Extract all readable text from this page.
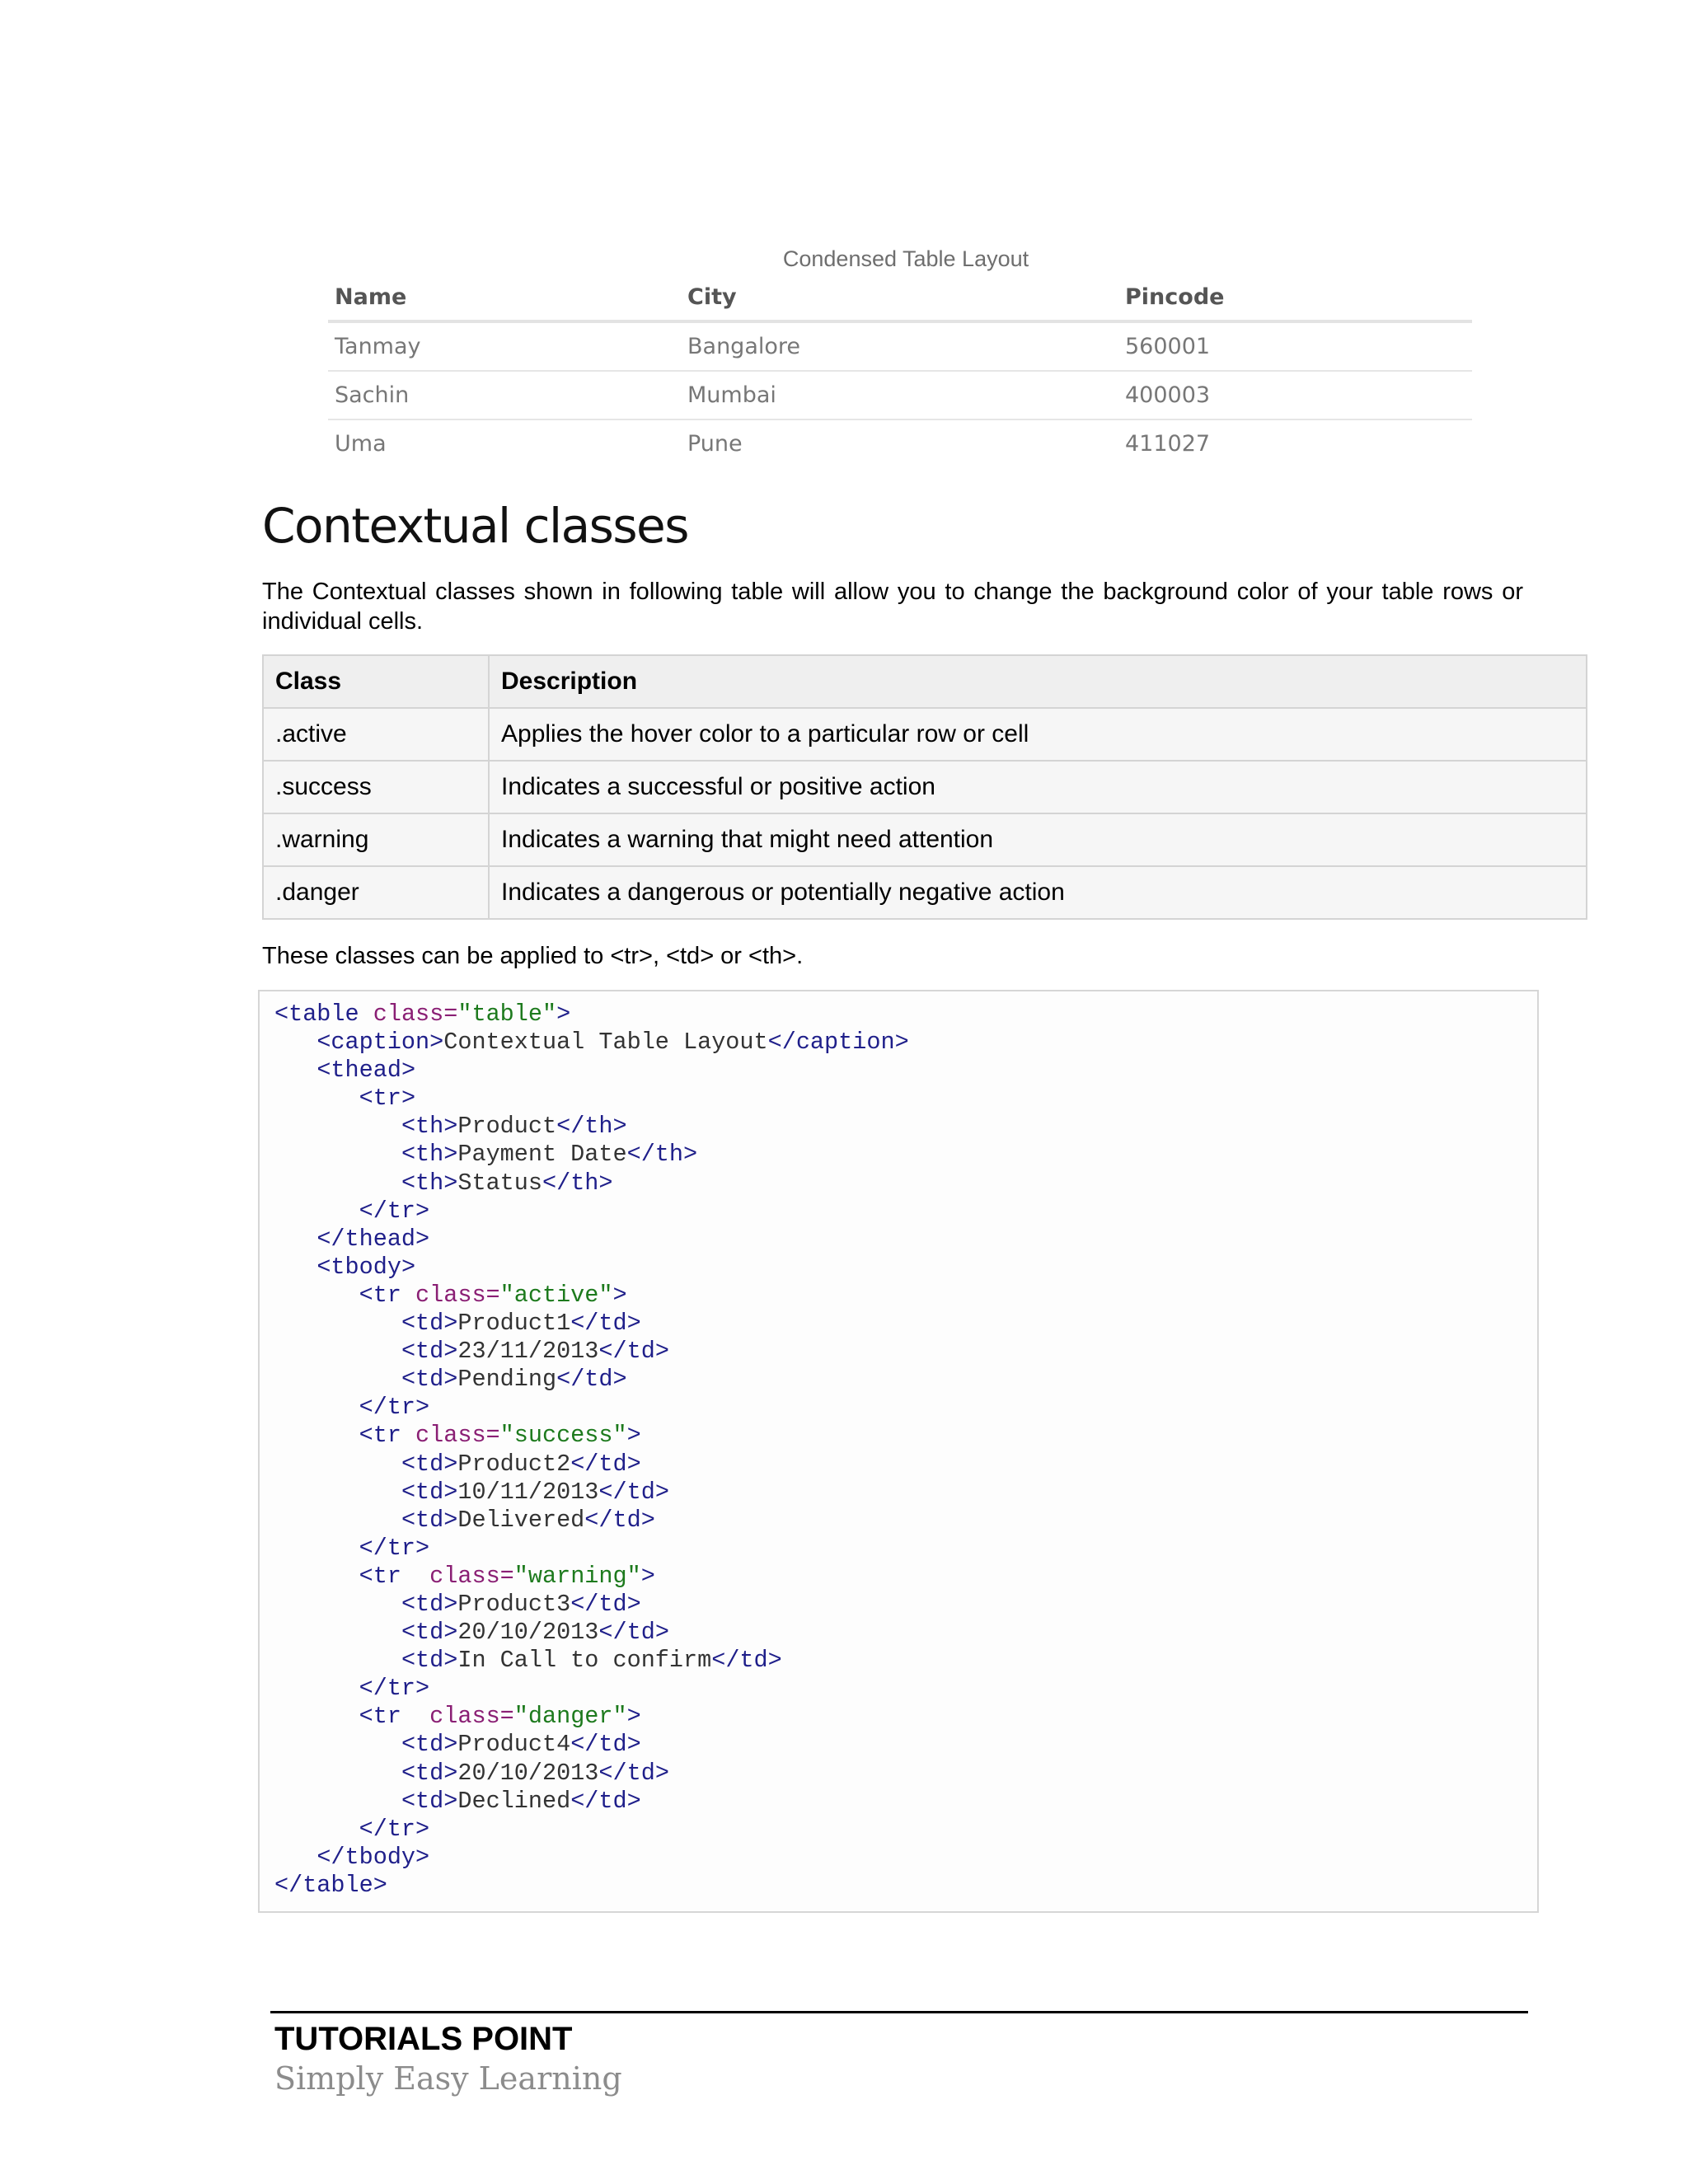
Condensed Table Layout
Name	City	Pincode
Tanmay	Bangalore	560001
Sachin	Mumbai	400003
Uma	Pune	411027
Contextual classes

The Contextual classes shown in following table will allow you to change the background color of your table rows or individual cells.

Class	Description
.active	Applies the hover color to a particular row or cell
.success	Indicates a successful or positive action
.warning	Indicates a warning that might need attention
.danger	Indicates a dangerous or potentially negative action

These classes can be applied to <tr>, <td> or <th>.

<table class="table">
<caption>Contextual Table Layout</caption>
<thead>
<tr>
<th>Product</th>
<th>Payment Date</th>
<th>Status</th>
</tr>
</thead>
<tbody>
<tr class="active">
<td>Product1</td>
<td>23/11/2013</td>
<td>Pending</td>
</tr>
<tr class="success">
<td>Product2</td>
<td>10/11/2013</td>
<td>Delivered</td>
</tr>
<tr class="warning">
<td>Product3</td>
<td>20/10/2013</td>
<td>In Call to confirm</td>
</tr>
<tr class="danger">
<td>Product4</td>
<td>20/10/2013</td>
<td>Declined</td>
</tr>
</tbody>
</table>
TUTORIALS POINT
Simply Easy Learning
